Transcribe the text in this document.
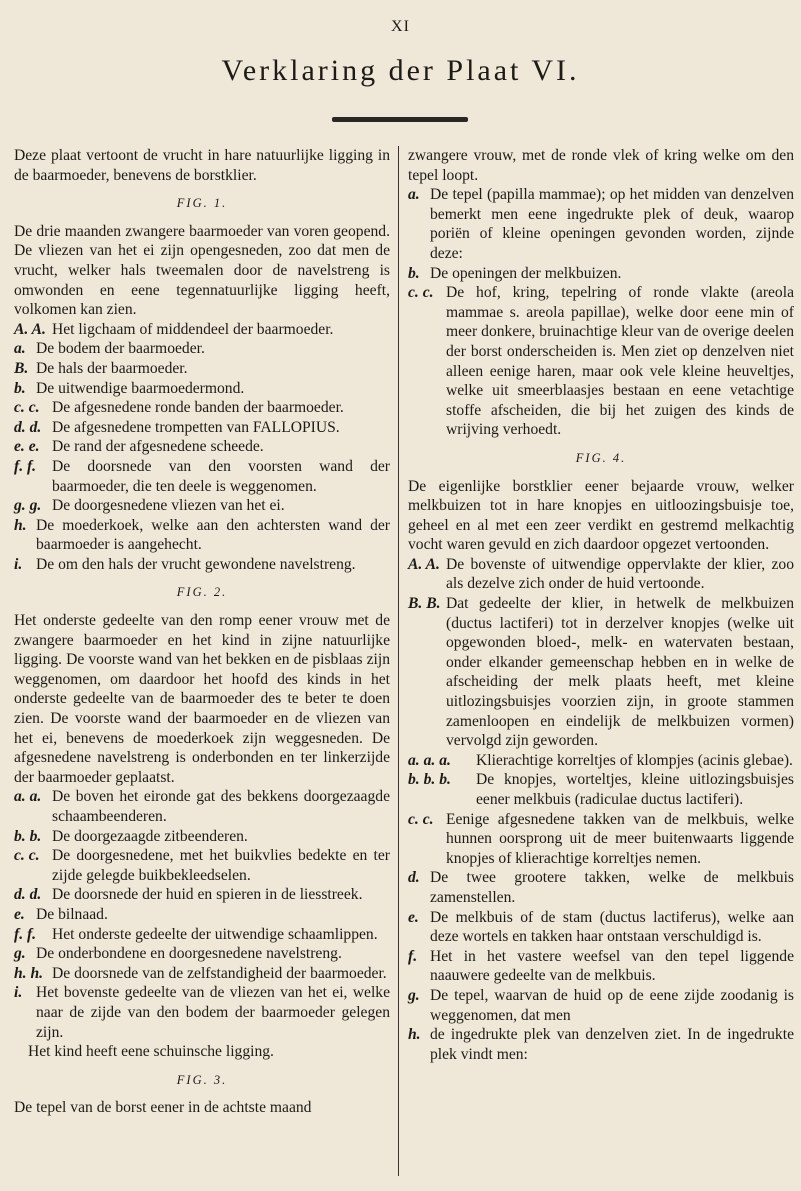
XI
Verklaring der Plaat VI.

Deze plaat vertoont de vrucht in hare natuurlijke ligging in de baarmoeder, benevens de borstklier.

FIG. 1.

De drie maanden zwangere baarmoeder van voren geopend. De vliezen van het ei zijn opengesneden, zoo dat men de vrucht, welker hals tweemalen door de navelstreng is omwonden en eene tegennatuurlijke ligging heeft, volkomen kan zien.

A. A. Het ligchaam of middendeel der baarmoeder.
a. De bodem der baarmoeder.
B. De hals der baarmoeder.
b. De uitwendige baarmoedermond.
c. c. De afgesnedene ronde banden der baarmoeder.
d. d. De afgesnedene trompetten van FALLOPIUS.
e. e. De rand der afgesnedene scheede.
f. f.	De doorsnede van den voorsten wand der baarmoeder, die ten deele is weggenomen.
g. g. De doorgesnedene vliezen van het ei.
h. De moederkoek, welke aan den achtersten wand der baarmoeder is aangehecht.
i. De om den hals der vrucht gewondene navelstreng.
FIG. 2.

Het onderste gedeelte van den romp eener vrouw met de zwangere baarmoeder en het kind in zijne natuurlijke ligging. De voorste wand van het bekken en de pisblaas zijn weggenomen, om daardoor het hoofd des kinds in het onderste gedeelte van de baarmoeder des te beter te doen zien. De voorste wand der baarmoeder en de vliezen van het ei, benevens de moederkoek zijn weggesneden. De afgesnedene navelstreng is onderbonden en ter linkerzijde der baarmoeder geplaatst.

a. a. De boven het eironde gat des bekkens doorgezaagde schaambeenderen.
b. b. De doorgezaagde zitbeenderen.
c. c. De doorgesnedene, met het buikvlies bedekte en ter zijde gelegde buikbekleedselen.
d. d. De doorsnede der huid en spieren in de liesstreek.
e. De bilnaad.
f. f.	Het onderste gedeelte der uitwendige schaamlippen.
g. De onderbondene en doorgesnedene navelstreng.
h. h. De doorsnede van de zelfstandigheid der baarmoeder.
i. Het bovenste gedeelte van de vliezen van het ei, welke naar de zijde van den bodem der baarmoeder gelegen zijn.

Het kind heeft eene schuinsche ligging.

FIG. 3.

De tepel van de borst eener in de achtste maand

zwangere vrouw, met de ronde vlek of kring welke om den tepel loopt.

a. De tepel (papilla mammae); op het midden van denzelven bemerkt men eene ingedrukte plek of deuk, waarop poriën of kleine openingen gevonden worden, zijnde deze:
b. De openingen der melkbuizen.
c. c. De hof, kring, tepelring of ronde vlakte (areola mammae s. areola papillae), welke door eene min of meer donkere, bruinachtige kleur van de overige deelen der borst onderscheiden is. Men ziet op denzelven niet alleen eenige haren, maar ook vele kleine heuveltjes, welke uit smeerblaasjes bestaan en eene vetachtige stoffe afscheiden, die bij het zuigen des kinds de wrijving verhoedt.
FIG. 4.

De eigenlijke borstklier eener bejaarde vrouw, welker melkbuizen tot in hare knopjes en uitloozingsbuisje toe, geheel en al met een zeer verdikt en gestremd melkachtig vocht waren gevuld en zich daardoor opgezet vertoonden.

A. A. De bovenste of uitwendige oppervlakte der klier, zoo als dezelve zich onder de huid vertoonde.
B. B. Dat gedeelte der klier, in hetwelk de melkbuizen (ductus lactiferi) tot in derzelver knopjes (welke uit opgewonden bloed-, melk- en watervaten bestaan, onder elkander gemeenschap hebben en in welke de afscheiding der melk plaats heeft, met kleine uitlozingsbuisjes voorzien zijn, in groote stammen zamenloopen en eindelijk de melkbuizen vormen) vervolgd zijn geworden.
a. a. a.	Klierachtige korreltjes of klompjes (acinis glebae).
b. b. b.	De knopjes, worteltjes, kleine uitlozingsbuisjes eener melkbuis (radiculae ductus lactiferi).
c. c. Eenige afgesnedene takken van de melkbuis, welke hunnen oorsprong uit de meer buitenwaarts liggende knopjes of klierachtige korreltjes nemen.
d. De twee grootere takken, welke de melkbuis zamenstellen.
e. De melkbuis of de stam (ductus lactiferus), welke aan deze wortels en takken haar ontstaan verschuldigd is.
f. Het in het vastere weefsel van den tepel liggende naauwere gedeelte van de melkbuis.
g. De tepel, waarvan de huid op de eene zijde zoodanig is weggenomen, dat men
h. de ingedrukte plek van denzelven ziet. In de ingedrukte plek vindt men:
